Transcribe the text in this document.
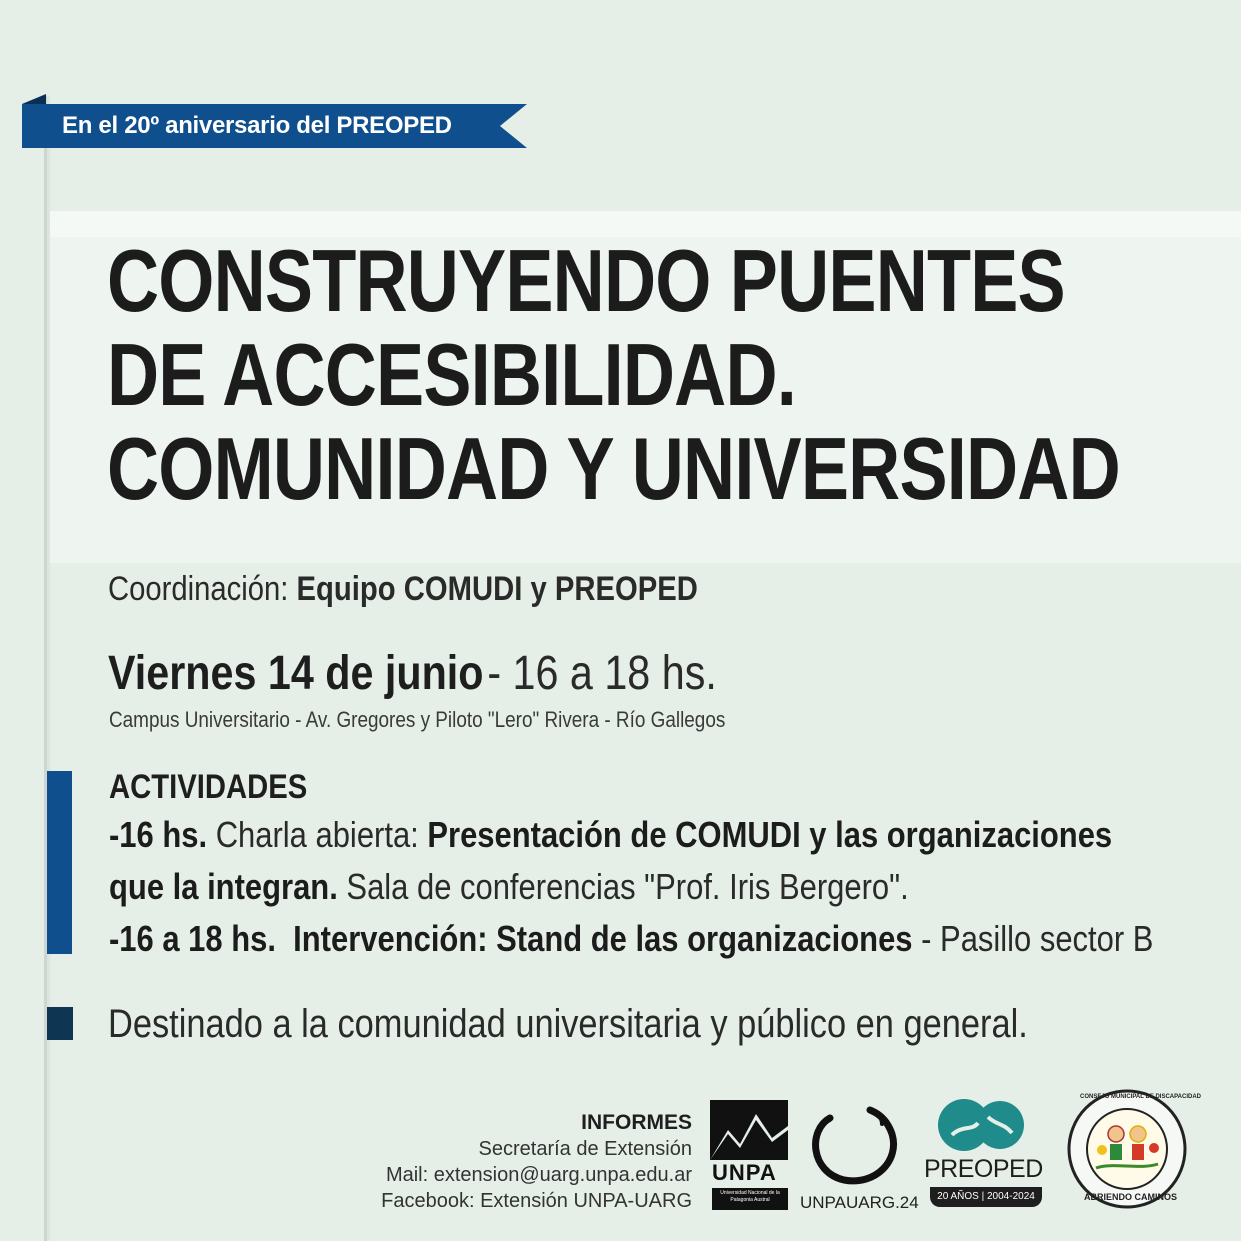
En el 20º aniversario del PREOPED
CONSTRUYENDO PUENTES
DE ACCESIBILIDAD.
COMUNIDAD Y UNIVERSIDAD
Coordinación: Equipo COMUDI y PREOPED
Viernes 14 de junio - 16 a 18 hs.
Campus Universitario - Av. Gregores y Piloto "Lero" Rivera - Río Gallegos
ACTIVIDADES
-16 hs. Charla abierta: Presentación de COMUDI y las organizaciones
que la integran. Sala de conferencias "Prof. Iris Bergero".
-16 a 18 hs. Intervención: Stand de las organizaciones - Pasillo sector B
Destinado a la comunidad universitaria y público en general.
INFORMES
Secretaría de Extensión
Mail: extension@uarg.unpa.edu.ar
Facebook: Extensión UNPA-UARG
UNPA
Universidad Nacional de la Patagonia Austral	UNPAUARG.24
PREOPED
20 AÑOS | 2004-2024
CONSEJO MUNICIPAL DE DISCAPACIDAD
ABRIENDO CAMINOS
